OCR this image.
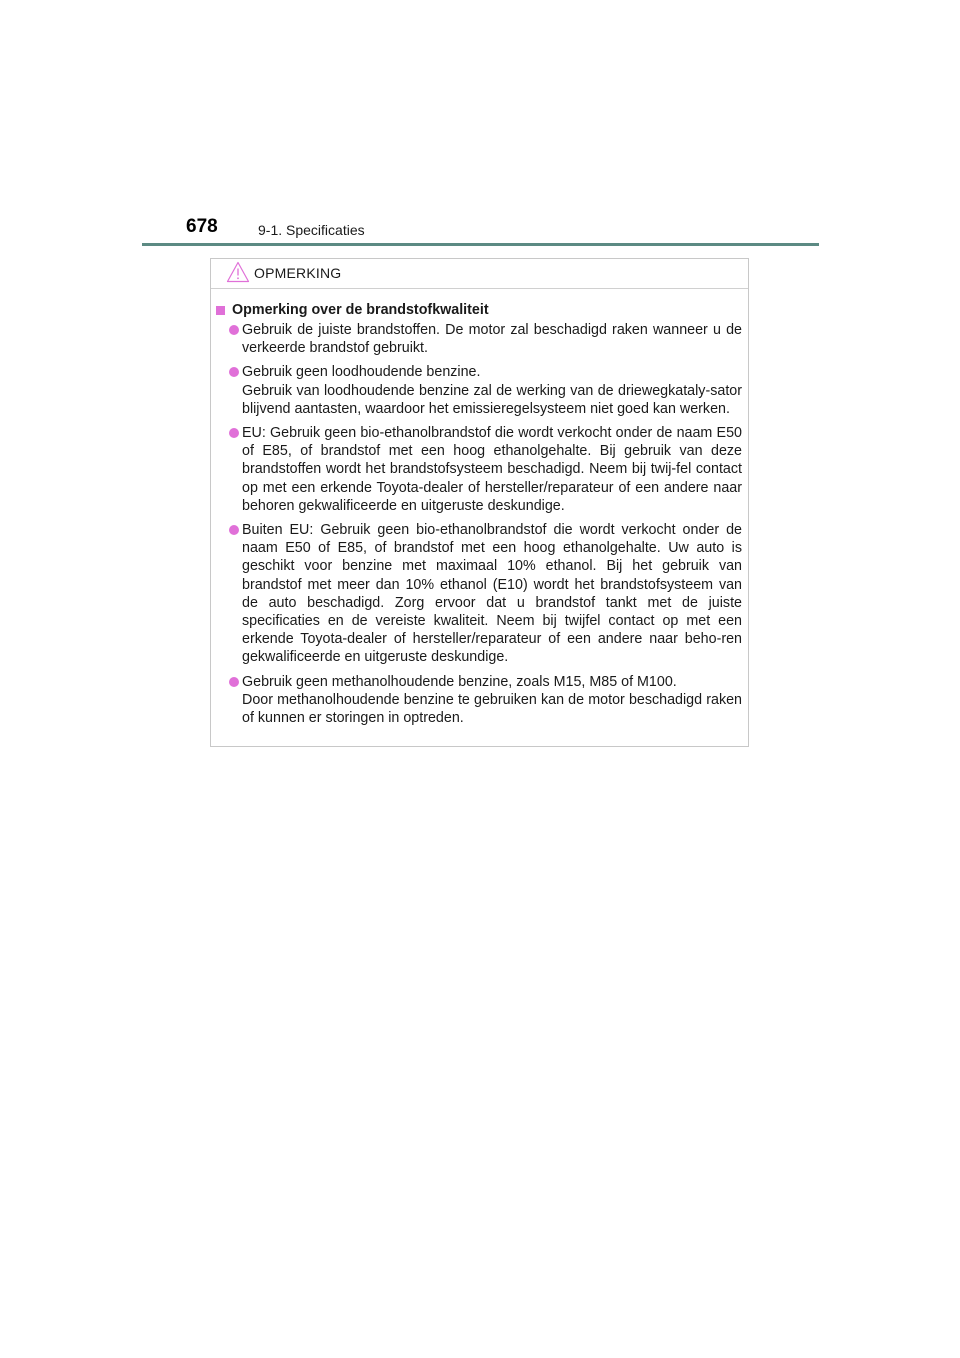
678	9-1. Specificaties
OPMERKING
Opmerking over de brandstofkwaliteit

Gebruik de juiste brandstoffen. De motor zal beschadigd raken wanneer u de verkeerde brandstof gebruikt.

Gebruik geen loodhoudende benzine.
Gebruik van loodhoudende benzine zal de werking van de driewegkataly-sator blijvend aantasten, waardoor het emissieregelsysteem niet goed kan werken.

EU: Gebruik geen bio-ethanolbrandstof die wordt verkocht onder de naam E50 of E85, of brandstof met een hoog ethanolgehalte. Bij gebruik van deze brandstoffen wordt het brandstofsysteem beschadigd. Neem bij twij-fel contact op met een erkende Toyota-dealer of hersteller/reparateur of een andere naar behoren gekwalificeerde en uitgeruste deskundige.

Buiten EU: Gebruik geen bio-ethanolbrandstof die wordt verkocht onder de naam E50 of E85, of brandstof met een hoog ethanolgehalte. Uw auto is geschikt voor benzine met maximaal 10% ethanol. Bij het gebruik van brandstof met meer dan 10% ethanol (E10) wordt het brandstofsysteem van de auto beschadigd. Zorg ervoor dat u brandstof tankt met de juiste specificaties en de vereiste kwaliteit. Neem bij twijfel contact op met een erkende Toyota-dealer of hersteller/reparateur of een andere naar beho-ren gekwalificeerde en uitgeruste deskundige.

Gebruik geen methanolhoudende benzine, zoals M15, M85 of M100.
Door methanolhoudende benzine te gebruiken kan de motor beschadigd raken of kunnen er storingen in optreden.
